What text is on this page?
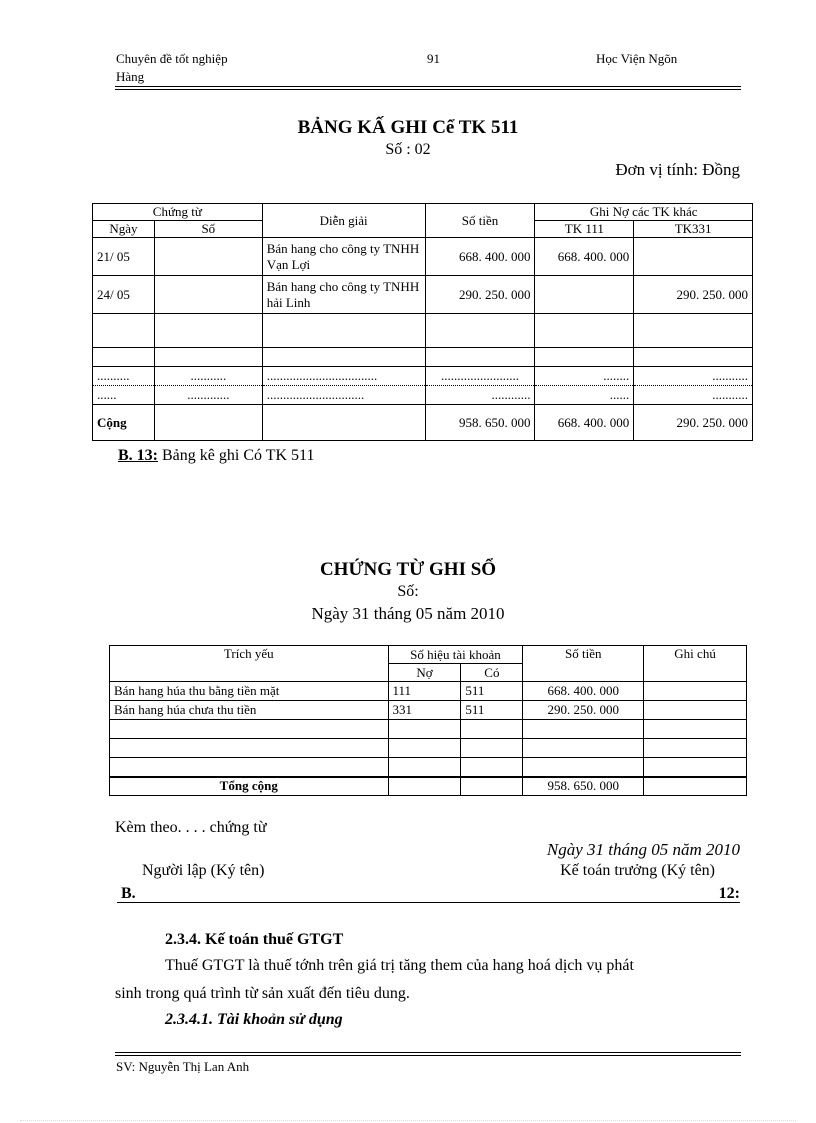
Chuyên đề tốt nghiệp
Hàng
91	Học Viện Ngõn
BẢNG KẤ GHI Cể TK 511
Số : 02
Đơn vị tính: Đồng
Chứng từ		Diễn giải	Số tiền	Ghi Nợ các TK khác	
Ngày	Số			TK 111	TK331
21/ 05		Bán hang cho công ty TNHH Vạn Lợi	668. 400. 000	668. 400. 000	
24/ 05		Bán hang cho công ty TNHH hải Linh	290. 250. 000		290. 250. 000

..........	...........	..................................	........................	........	...........
......	.............	..............................	............	......	...........
Cộng			958. 650. 000	668. 400. 000	290. 250. 000
B. 13: Bảng kê ghi Có TK 511
CHỨNG TỪ GHI SỔ
Số:
Ngày 31 tháng 05 năm 2010
Trích yếu	Số hiệu tài khoản		Số tiền	Ghi chú
	Nợ	Có		
Bán hang húa thu bằng tiền mặt	111	511	668. 400. 000	
Bán hang húa chưa thu tiền	331	511	290. 250. 000	

Tổng cộng			958. 650. 000	
Kèm theo. . . . chứng từ
Ngày 31 tháng 05 năm 2010
Người lập (Ký tên)	Kế toán trưởng (Ký tên)
B.	12:
2.3.4. Kế toán thuế GTGT
Thuế GTGT là thuế tớnh trên giá trị tăng them của hang hoá dịch vụ phát
sinh trong quá trình từ sản xuất đến tiêu dung.
2.3.4.1. Tài khoản sử dụng
SV: Nguyễn Thị Lan Anh
